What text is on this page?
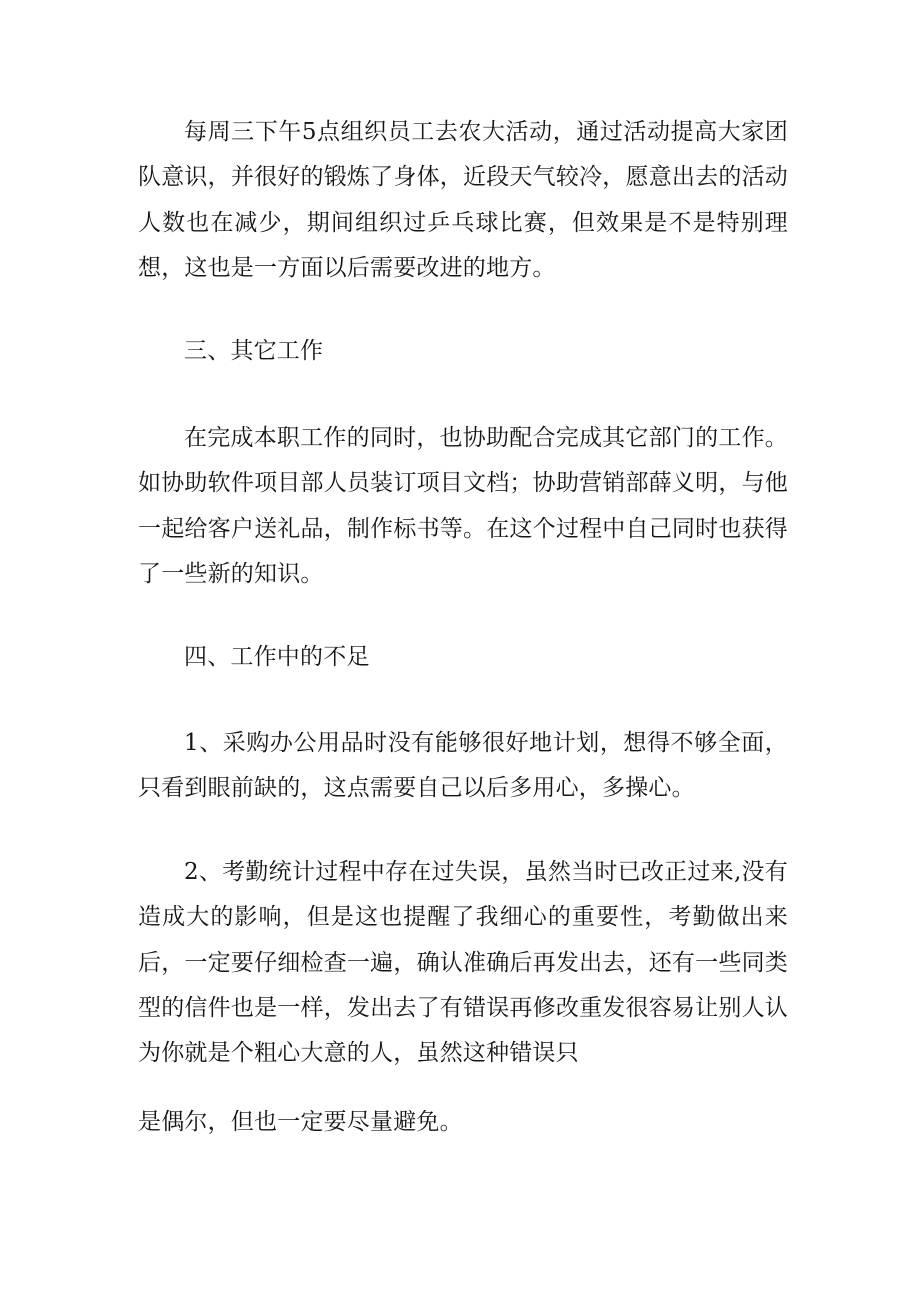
每周三下午5点组织员工去农大活动，通过活动提高大家团队意识，并很好的锻炼了身体，近段天气较冷，愿意出去的活动人数也在减少，期间组织过乒乓球比赛，但效果是不是特别理想，这也是一方面以后需要改进的地方。

三、其它工作

在完成本职工作的同时，也协助配合完成其它部门的工作。如协助软件项目部人员装订项目文档；协助营销部薛义明，与他一起给客户送礼品，制作标书等。在这个过程中自己同时也获得了一些新的知识。

四、工作中的不足

1、采购办公用品时没有能够很好地计划，想得不够全面，只看到眼前缺的，这点需要自己以后多用心，多操心。

2、考勤统计过程中存在过失误，虽然当时已改正过来,没有造成大的影响，但是这也提醒了我细心的重要性，考勤做出来后，一定要仔细检查一遍，确认准确后再发出去，还有一些同类型的信件也是一样，发出去了有错误再修改重发很容易让别人认为你就是个粗心大意的人，虽然这种错误只

是偶尔，但也一定要尽量避免。
